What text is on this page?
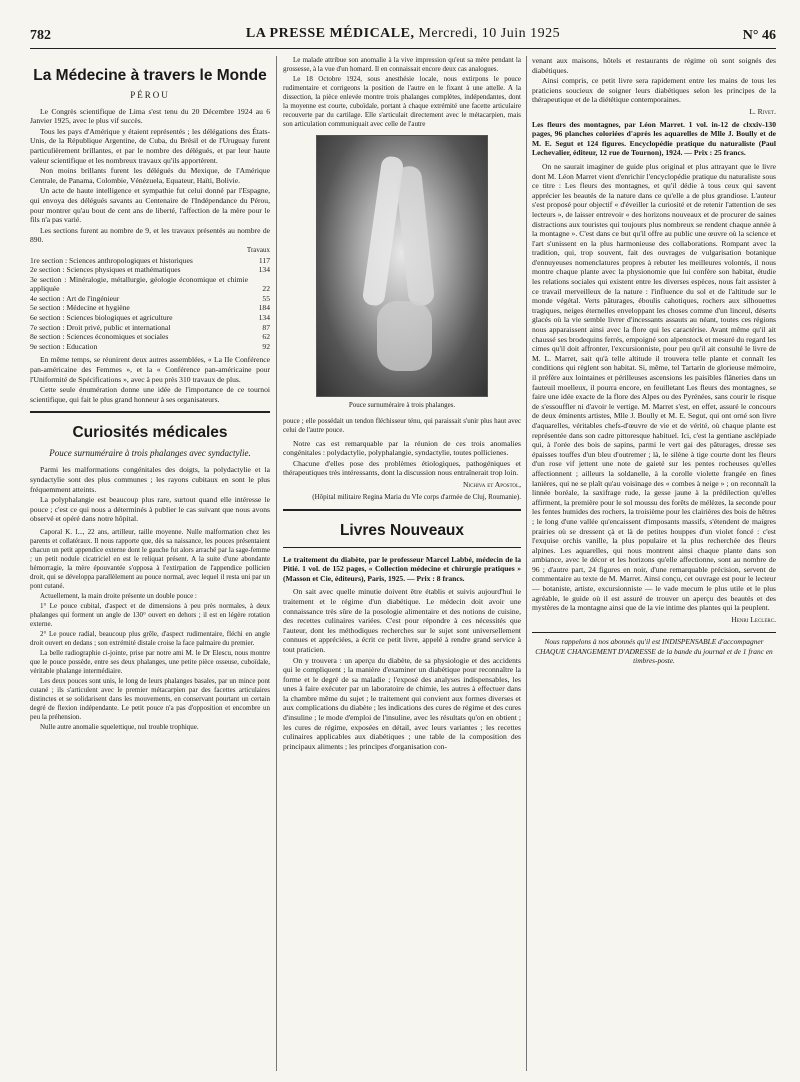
782	LA PRESSE MÉDICALE, Mercredi, 10 Juin 1925	N° 46
La Médecine à travers le Monde
PÉROU

Le Congrès scientifique de Lima s'est tenu du 20 Décembre 1924 au 6 Janvier 1925, avec le plus vif succès.

Tous les pays d'Amérique y étaient représentés ; les délégations des États-Unis, de la République Argentine, de Cuba, du Brésil et de l'Uruguay furent particulièrement brillantes, et par le nombre des délégués, et par leur haute valeur scientifique et les nombreux travaux qu'ils apportèrent.

Non moins brillants furent les délégués du Mexique, de l'Amérique Centrale, de Panama, Colombie, Vénézuela, Equateur, Haïti, Bolivie.

Un acte de haute intelligence et sympathie fut celui donné par l'Espagne, qui envoya des délégués savants au Centenaire de l'Indépendance du Pérou, pour montrer qu'au bout de cent ans de liberté, l'affection de la mère pour le fils n'a pas varié.

Les sections furent au nombre de 9, et les travaux présentés au nombre de 890.

Travaux
1re section : Sciences anthropologiques et historiques	117
2e section : Sciences physiques et mathématiques	134
3e section : Minéralogie, métallurgie, géologie économique et chimie appliquée	22
4e section : Art de l'ingénieur	55
5e section : Médecine et hygiène	184
6e section : Sciences biologiques et agriculture	134
7e section : Droit privé, public et international	87
8e section : Sciences économiques et sociales	62
9e section : Education	92

En même temps, se réunirent deux autres assemblées, « La IIe Conférence pan-américaine des Femmes », et la « Conférence pan-américaine pour l'Uniformité de Spécifications », avec à peu près 310 travaux de plus.

Cette seule énumération donne une idée de l'importance de ce tournoi scientifique, qui fait le plus grand honneur à ses organisateurs.

Curiosités médicales
Pouce surnuméraire à trois phalanges avec syndactylie.

Parmi les malformations congénitales des doigts, la polydactylie et la syndactylie sont des plus communes ; les rayons cubitaux en sont le plus fréquemment atteints.

La polyphalangie est beaucoup plus rare, surtout quand elle intéresse le pouce ; c'est ce qui nous a déterminés à publier le cas suivant que nous avons observé et opéré dans notre hôpital.

Caporal K. I..., 22 ans, artilleur, taille moyenne. Nulle malformation chez les parents et collatéraux. Il nous rapporte que, dès sa naissance, les pouces présentaient chacun un petit appendice externe dont le gauche fut alors arraché par la sage-femme ; un petit nodule cicatriciel en est le reliquat présent. A la suite d'une abondante hémorragie, la mère épouvantée s'opposa à l'extirpation de l'appendice pollicien droit, qui se développa parallèlement au pouce normal, avec lequel il resta uni par un pont cutané.

Actuellement, la main droite présente un double pouce :

1° Le pouce cubital, d'aspect et de dimensions à peu près normales, à deux phalanges qui forment un angle de 130° ouvert en dehors ; il est en légère rotation externe.

2° Le pouce radial, beaucoup plus grêle, d'aspect rudimentaire, fléchi en angle droit ouvert en dedans ; son extrémité distale croise la face palmaire du premier.

La belle radiographie ci-jointe, prise par notre ami M. le Dr Elescu, nous montre que le pouce possède, entre ses deux phalanges, une petite pièce osseuse, cuboïdale, véritable phalange intermédiaire.

Les deux pouces sont unis, le long de leurs phalanges basales, par un mince pont cutané ; ils s'articulent avec le premier métacarpien par des facettes articulaires distinctes et se solidarisent dans les mouvements, en conservant pourtant un certain degré de flexion indépendante. Le petit pouce n'a pas d'opposition et encombre un peu la préhension.

Nulle autre anomalie squelettique, nul trouble trophique.

Le malade attribue son anomalie à la vive impression qu'eut sa mère pendant la grossesse, à la vue d'un homard. Il en connaissait encore deux cas analogues.

Le 18 Octobre 1924, sous anesthésie locale, nous extirpons le pouce rudimentaire et corrigeons la position de l'autre en le fixant à une attelle. A la dissection, la pièce enlevée montre trois phalanges complètes, indépendantes, dont la moyenne est courte, cuboïdale, portant à chaque extrémité une facette articulaire recouverte par du cartilage. Elle s'articulait directement avec le métacarpien, mais son articulation communiquait avec celle de l'autre

Pouce surnuméraire à trois phalanges.

pouce ; elle possédait un tendon fléchisseur ténu, qui paraissait s'unir plus haut avec celui de l'autre pouce.

Notre cas est remarquable par la réunion de ces trois anomalies congénitales : polydactylie, polyphalangie, syndactylie, toutes pollicienes.

Chacune d'elles pose des problèmes étiologiques, pathogéniques et thérapeutiques très intéressants, dont la discussion nous entraînerait trop loin.

Nichiva et Apostol,
(Hôpital militaire Regina Maria du VIe corps d'armée de Cluj, Roumanie).
Livres Nouveaux

Le traitement du diabète, par le professeur Marcel Labbé, médecin de la Pitié. 1 vol. de 152 pages, « Collection médecine et chirurgie pratiques » (Masson et Cie, éditeurs), Paris, 1925. — Prix : 8 francs.

On sait avec quelle minutie doivent être établis et suivis aujourd'hui le traitement et le régime d'un diabétique. Le médecin doit avoir une connaissance très sûre de la posologie alimentaire et des notions de cuisine, des recettes culinaires variées. C'est pour répondre à ces nécessités que l'auteur, dont les méthodiques recherches sur le sujet sont universellement connues et appréciées, a écrit ce petit livre, appelé à rendre grand service à tout praticien.

On y trouvera : un aperçu du diabète, de sa physiologie et des accidents qui le compliquent ; la manière d'examiner un diabétique pour reconnaître la forme et le degré de sa maladie ; l'exposé des analyses indispensables, les unes à faire exécuter par un laboratoire de chimie, les autres à effectuer dans la chambre même du sujet ; le traitement qui convient aux formes diverses et aux complications du diabète ; les indications des cures de régime et des cures d'insuline ; le mode d'emploi de l'insuline, avec les résultats qu'on en obtient ; les cures de régime, exposées en détail, avec leurs variantes ; les recettes culinaires applicables aux diabétiques ; une table de la composition des principaux aliments ; les principes d'organisation con-

venant aux maisons, hôtels et restaurants de régime où sont soignés des diabétiques.

Ainsi compris, ce petit livre sera rapidement entre les mains de tous les praticiens soucieux de soigner leurs diabétiques selon les principes de la thérapeutique et de la diététique contemporaines.

L. Rivet.

Les fleurs des montagnes, par Léon Marret. 1 vol. in-12 de clxxiv-130 pages, 96 planches coloriées d'après les aquarelles de Mlle J. Boully et de M. E. Segut et 124 figures. Encyclopédie pratique du naturaliste (Paul Lechevalier, éditeur, 12 rue de Tournon), 1924. — Prix : 25 francs.

On ne saurait imaginer de guide plus original et plus attrayant que le livre dont M. Léon Marret vient d'enrichir l'encyclopédie pratique du naturaliste sous ce titre : Les fleurs des montagnes, et qu'il dédie à tous ceux qui savent apprécier les beautés de la nature dans ce qu'elle a de plus grandiose. L'auteur s'est proposé pour objectif « d'éveiller la curiosité et de retenir l'attention de ses lecteurs », de laisser entrevoir « des horizons nouveaux et de procurer de saines distractions aux touristes qui toujours plus nombreux se rendent chaque année à la montagne ». C'est dans ce but qu'il offre au public une œuvre où la science et l'art s'unissent en la plus harmonieuse des collaborations. Rompant avec la tradition, qui, trop souvent, fait des ouvrages de vulgarisation botanique d'ennuyeuses nomenclatures propres à rebuter les meilleures volontés, il nous montre chaque plante avec la physionomie que lui confère son habitat, étudie les relations sociales qui existent entre les diverses espèces, nous fait assister à ce travail merveilleux de la nature : l'influence du sol et de l'altitude sur le monde végétal. Verts pâturages, éboulis cahotiques, rochers aux silhouettes tragiques, neiges éternelles enveloppant les choses comme d'un linceul, déserts glacés où la vie semble livrer d'incessants assauts au néant, toutes ces régions nous apparaissent ainsi avec la flore qui les caractérise. Avant même qu'il ait chaussé ses brodequins ferrés, empoigné son alpenstock et mesuré du regard les cimes qu'il doit affronter, l'excursionniste, pour peu qu'il ait consulté le livre de M. L. Marret, sait qu'à telle altitude il trouvera telle plante et connaît les conditions qui règlent son habitat. Si, même, tel Tartarin de glorieuse mémoire, il préfère aux lointaines et périlleuses ascensions les paisibles flâneries dans un fauteuil moelleux, il pourra encore, en feuilletant Les fleurs des montagnes, se faire une idée exacte de la flore des Alpes ou des Pyrénées, sans courir le risque de s'essouffler ni d'avoir le vertige. M. Marret s'est, en effet, assuré le concours de deux éminents artistes, Mlle J. Boully et M. E. Segut, qui ont orné son livre d'aquarelles, véritables chefs-d'œuvre de vie et de vérité, où chaque plante est représentée dans son cadre pittoresque habituel. Ici, c'est la gentiane asclépiade qui, à l'orée des bois de sapins, parmi le vert gai des pâturages, dresse ses épaisses touffes d'un bleu d'outremer ; là, le silène à tige courte dont les fleurs d'un rose vif jettent une note de gaieté sur les pentes rocheuses qu'elles affectionnent ; ailleurs la soldanelle, à la corolle violette frangée en fines lanières, qui ne se plaît qu'au voisinage des « combes à neige » ; on reconnaît la linnée boréale, la saxifrage rude, la gesse jaune à la prédilection qu'elles affirment, la première pour le sol moussu des forêts de mélèzes, la seconde pour les fentes humides des rochers, la troisième pour les clairières des bois de hêtres ; le long d'une vallée qu'encaissent d'imposants massifs, s'étendent de maigres prairies où se dressent çà et là de petites houppes d'un violet foncé : c'est l'exquise orchis vanille, la plus populaire et la plus recherchée des fleurs alpines. Les aquarelles, qui nous montrent ainsi chaque plante dans son ambiance, avec le décor et les horizons qu'elle affectionne, sont au nombre de 96 ; d'autre part, 24 figures en noir, d'une remarquable précision, servent de commentaire au texte de M. Marret. Ainsi conçu, cet ouvrage est pour le lecteur — botaniste, artiste, excursionniste — le vade mecum le plus utile et le plus agréable, le guide où il est assuré de trouver un aperçu des beautés et des mystères de la montagne ainsi que de la vie intime des plantes qui la peuplent.

Henri Leclerc.
Nous rappelons à nos abonnés qu'il est INDISPENSABLE d'accompagner CHAQUE CHANGEMENT D'ADRESSE de la bande du journal et de 1 franc en timbres-poste.
